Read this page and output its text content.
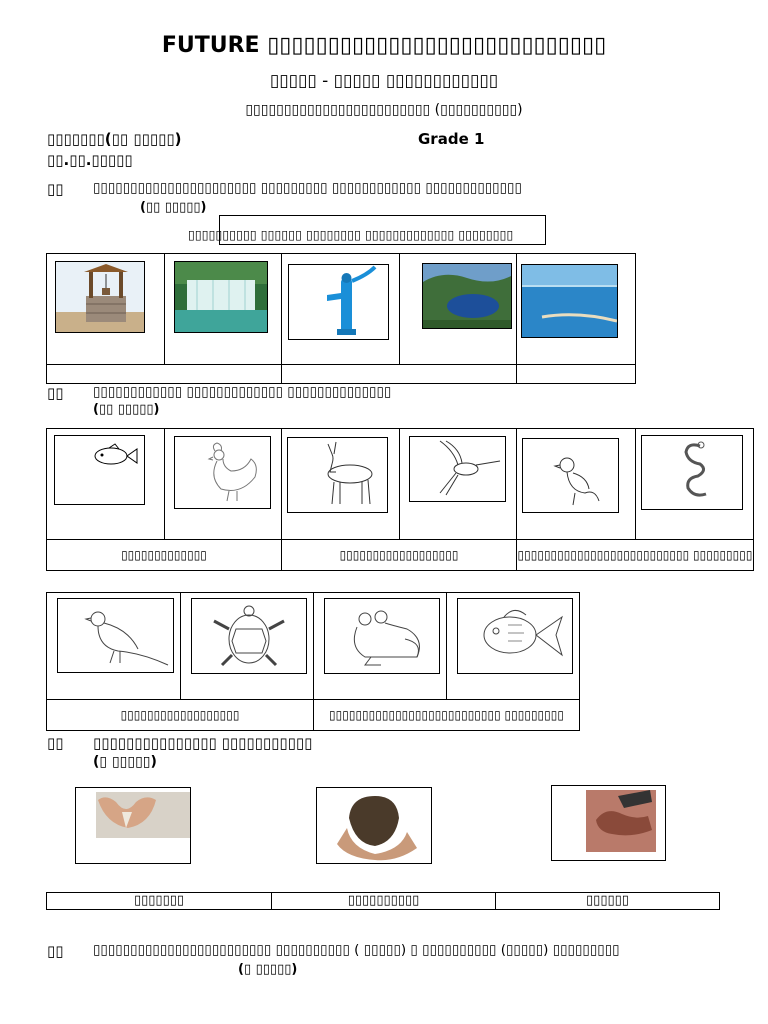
FUTURE ▯▯▯▯▯▯▯▯▯▯▯▯▯▯▯▯▯▯▯▯▯▯▯▯▯▯▯▯
▯▯▯▯▯ - ▯▯▯▯▯ ▯▯▯▯▯▯▯▯▯▯▯▯
▯▯▯▯▯▯▯▯▯▯▯▯▯▯▯▯▯▯▯▯▯▯▯▯ (▯▯▯▯▯▯▯▯▯▯)
▯▯▯▯▯▯▯(▯▯ ▯▯▯▯▯)	Grade 1
▯▯.▯▯.▯▯▯▯▯
▯▯ ▯▯▯▯▯▯▯▯▯▯▯▯▯▯▯▯▯▯▯▯▯▯ ▯▯▯▯▯▯▯▯▯ ▯▯▯▯▯▯▯▯▯▯▯▯ ▯▯▯▯▯▯▯▯▯▯▯▯▯
(▯▯ ▯▯▯▯▯)
▯▯▯▯▯▯▯▯▯▯ ▯▯▯▯▯▯ ▯▯▯▯▯▯▯▯ ▯▯▯▯▯▯▯▯▯▯▯▯▯ ▯▯▯▯▯▯▯▯

▯▯ ▯▯▯▯▯▯▯▯▯▯▯▯ ▯▯▯▯▯▯▯▯▯▯▯▯▯ ▯▯▯▯▯▯▯▯▯▯▯▯▯▯
(▯▯ ▯▯▯▯▯)

▯▯▯▯▯▯▯▯▯▯▯▯▯		▯▯▯▯▯▯▯▯▯▯▯▯▯▯▯▯▯▯		▯▯▯▯▯▯▯▯▯▯▯▯▯▯▯▯▯▯▯▯▯▯▯▯▯▯ ▯▯▯▯▯▯▯▯▯	

▯▯▯▯▯▯▯▯▯▯▯▯▯▯▯▯▯▯		▯▯▯▯▯▯▯▯▯▯▯▯▯▯▯▯▯▯▯▯▯▯▯▯▯▯ ▯▯▯▯▯▯▯▯▯	
▯▯ ▯▯▯▯▯▯▯▯▯▯▯▯▯▯▯ ▯▯▯▯▯▯▯▯▯▯▯
(▯ ▯▯▯▯▯)
▯▯▯▯▯▯▯	▯▯▯▯▯▯▯▯▯▯	▯▯▯▯▯▯
▯▯ ▯▯▯▯▯▯▯▯▯▯▯▯▯▯▯▯▯▯▯▯▯▯▯▯ ▯▯▯▯▯▯▯▯▯▯ ( ▯▯▯▯▯) ▯ ▯▯▯▯▯▯▯▯▯▯ (▯▯▯▯▯) ▯▯▯▯▯▯▯▯▯
(▯ ▯▯▯▯▯)
